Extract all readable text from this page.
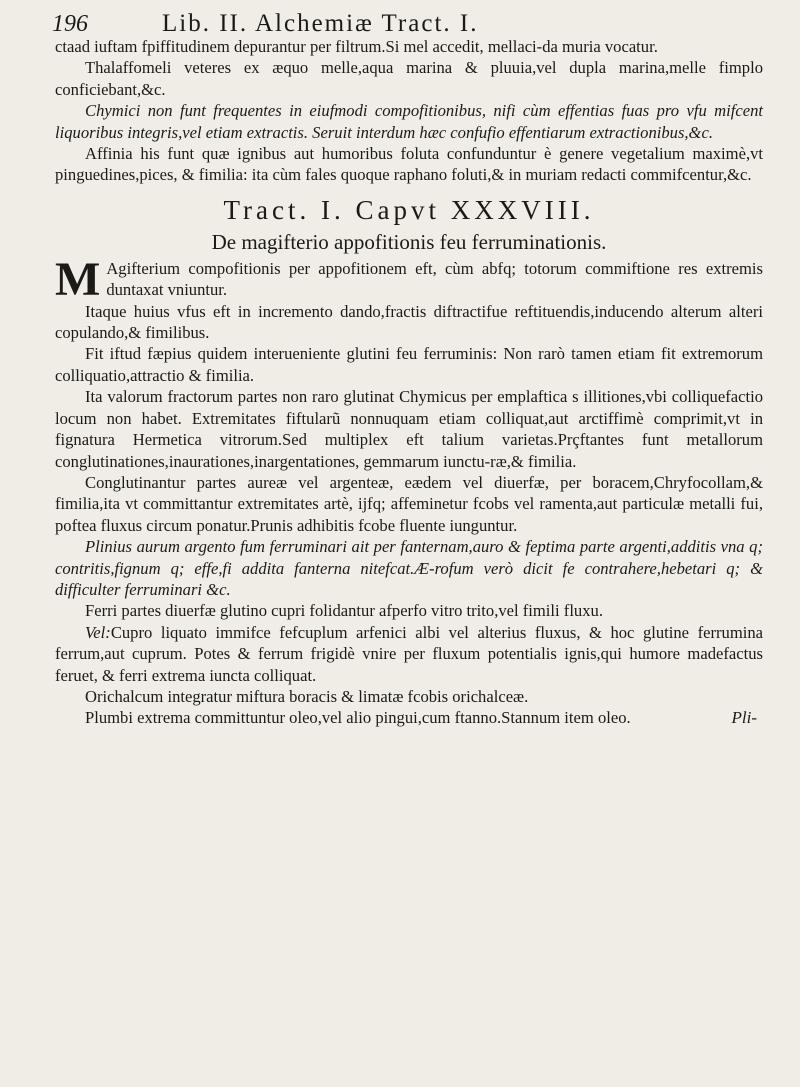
196	Lib. II. Alchemiæ Tract. I.

ctaad iuftam fpiffitudinem depurantur per filtrum.Si mel accedit, mellaci-da muria vocatur.

Thalaffomeli veteres ex æquo melle,aqua marina & pluuia,vel dupla marina,melle fimplo conficiebant,&c.

Chymici non funt frequentes in eiufmodi compofitionibus, nifi cùm effentias fuas pro vfu mifcent liquoribus integris,vel etiam extractis. Seruit interdum hæc confufio effentiarum extractionibus,&c.

Affinia his funt quæ ignibus aut humoribus foluta confunduntur è genere vegetalium maximè,vt pinguedines,pices, & fimilia: ita cùm fales quoque raphano foluti,& in muriam redacti commifcentur,&c.

Tract. I. Capvt XXXVIII.
De magifterio appofitionis feu ferruminationis.

M Agifterium compofitionis per appofitionem eft, cùm abfq; totorum commiftione res extremis duntaxat vniuntur.

Itaque huius vfus eft in incremento dando,fractis diftractifue reftituendis,inducendo alterum alteri copulando,& fimilibus.

Fit iftud fæpius quidem interueniente glutini feu ferruminis: Non rarò tamen etiam fit extremorum colliquatio,attractio & fimilia.

Ita valorum fractorum partes non raro glutinat Chymicus per emplaftica s illitiones,vbi colliquefactio locum non habet. Extremitates fiftularũ nonnuquam etiam colliquat,aut arctiffimè comprimit,vt in fignatura Hermetica vitrorum.Sed multiplex eft talium varietas.Prçftantes funt metallorum conglutinationes,inaurationes,inargentationes, gemmarum iunctu-ræ,& fimilia.

Conglutinantur partes aureæ vel argenteæ, eædem vel diuerfæ, per boracem,Chryfocollam,& fimilia,ita vt committantur extremitates artè, ijfq; affeminetur fcobs vel ramenta,aut particulæ metalli fui, poftea fluxus circum ponatur.Prunis adhibitis fcobe fluente iunguntur.

Plinius aurum argento fum ferruminari ait per fanternam,auro & feptima parte argenti,additis vna q; contritis,fignum q; effe,fi addita fanterna nitefcat.Æ-rofum verò dicit fe contrahere,hebetari q; & difficulter ferruminari &c.

Ferri partes diuerfæ glutino cupri folidantur afperfo vitro trito,vel fimili fluxu.

Vel:Cupro liquato immifce fefcuplum arfenici albi vel alterius fluxus, & hoc glutine ferrumina ferrum,aut cuprum. Potes & ferrum frigidè vnire per fluxum potentialis ignis,qui humore madefactus feruet, & ferri extrema iuncta colliquat.

Orichalcum integratur miftura boracis & limatæ fcobis orichalceæ.

Plumbi extrema committuntur oleo,vel alio pingui,cum ftanno.Stannum item oleo.	Pli-
